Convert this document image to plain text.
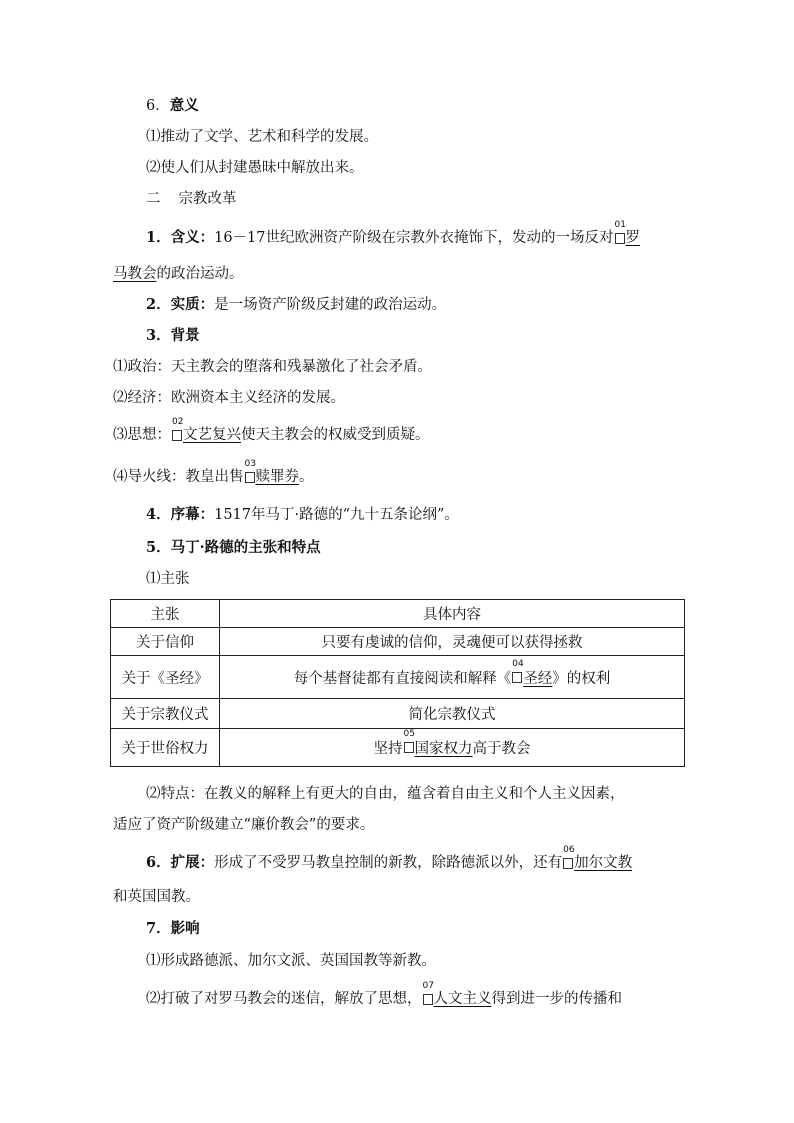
6．意义
⑴推动了文学、艺术和科学的发展。
⑵使人们从封建愚昧中解放出来。
二 宗教改革
1．含义：16－17世纪欧洲资产阶级在宗教外衣掩饰下，发动的一场反对
01
罗
马教会的政治运动。
2．实质：是一场资产阶级反封建的政治运动。
3．背景
⑴政治：天主教会的堕落和残暴激化了社会矛盾。
⑵经济：欧洲资本主义经济的发展。
⑶思想：
02
文艺复兴使天主教会的权威受到质疑。
⑷导火线：教皇出售
03
赎罪券。
4．序幕：1517年马丁·路德的“九十五条论纲”。
5．马丁·路德的主张和特点
⑴主张
主张	具体内容
关于信仰	只要有虔诚的信仰，灵魂便可以获得拯救
关于《圣经》	每个基督徒都有直接阅读和解释《
04
圣经》的权利
关于宗教仪式	简化宗教仪式
关于世俗权力	坚持
05
国家权力高于教会
⑵特点：在教义的解释上有更大的自由，蕴含着自由主义和个人主义因素，
适应了资产阶级建立“廉价教会”的要求。
6．扩展：形成了不受罗马教皇控制的新教，除路德派以外，还有
06
加尔文教
和英国国教。
7．影响
⑴形成路德派、加尔文派、英国国教等新教。
⑵打破了对罗马教会的迷信，解放了思想，
07
人文主义得到进一步的传播和
